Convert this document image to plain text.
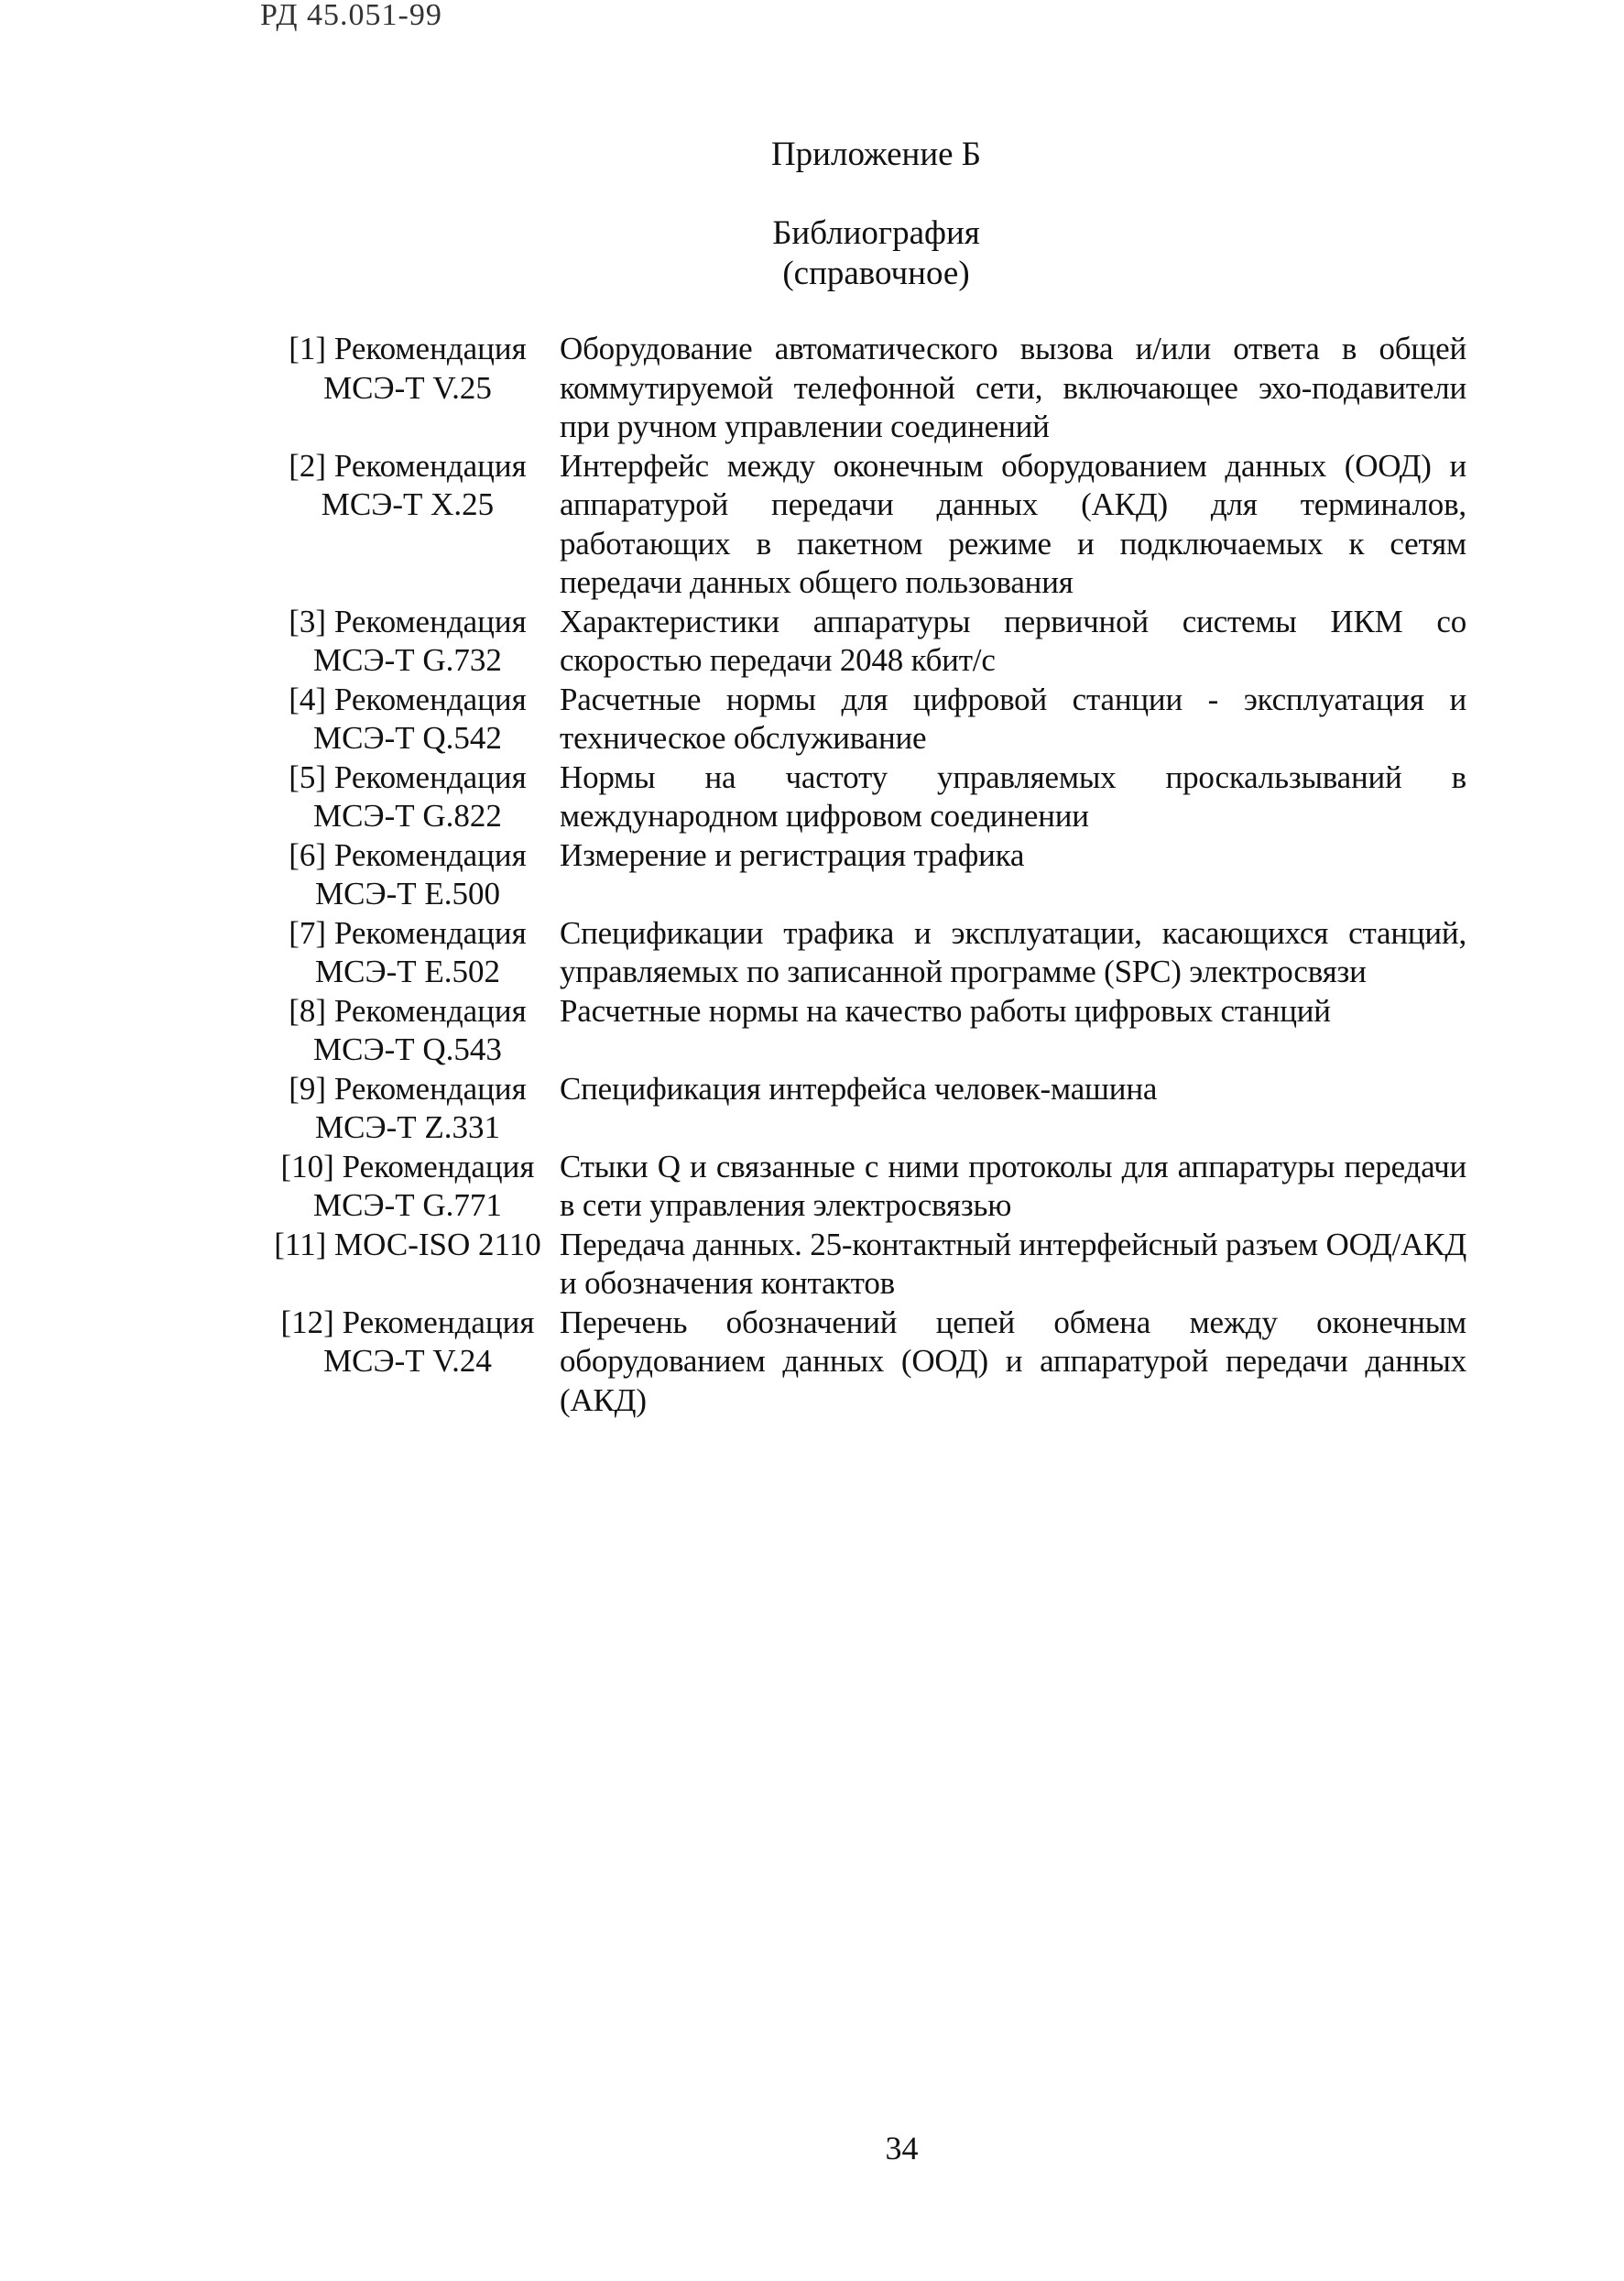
РД 45.051-99
Приложение Б
Библиография
(справочное)
[1] Рекомендация
МСЭ-Т V.25
Оборудование автоматического вызова и/или ответа в общей коммутируемой телефонной сети, включающее эхо-подавители при ручном управлении соединений
[2] Рекомендация
МСЭ-Т X.25
Интерфейс между оконечным оборудованием данных (ООД) и аппаратурой передачи данных (АКД) для терминалов, работающих в пакетном режиме и подключаемых к сетям передачи данных общего пользования
[3] Рекомендация
МСЭ-Т G.732
Характеристики аппаратуры первичной системы ИКМ со скоростью передачи 2048 кбит/с
[4] Рекомендация
МСЭ-Т Q.542
Расчетные нормы для цифровой станции - эксплуатация и техническое обслуживание
[5] Рекомендация
МСЭ-Т G.822
Нормы на частоту управляемых проскальзываний в международном цифровом соединении
[6] Рекомендация
МСЭ-Т Е.500
Измерение и регистрация трафика
[7] Рекомендация
МСЭ-Т Е.502
Спецификации трафика и эксплуатации, касающихся станций, управляемых по записанной программе (SPC) электросвязи
[8] Рекомендация
МСЭ-Т Q.543
Расчетные нормы на качество работы цифровых станций
[9] Рекомендация
МСЭ-Т Z.331
Спецификация интерфейса человек-машина
[10] Рекомендация
МСЭ-Т G.771
Стыки Q и связанные с ними протоколы для аппаратуры передачи в сети управления электросвязью
[11] МОС-ISO 2110 Передача данных. 25-контактный интерфейсный разъем ООД/АКД и обозначения контактов
[12] Рекомендация
МСЭ-Т V.24
Перечень обозначений цепей обмена между оконечным оборудованием данных (ООД) и аппаратурой передачи данных (АКД)
34
